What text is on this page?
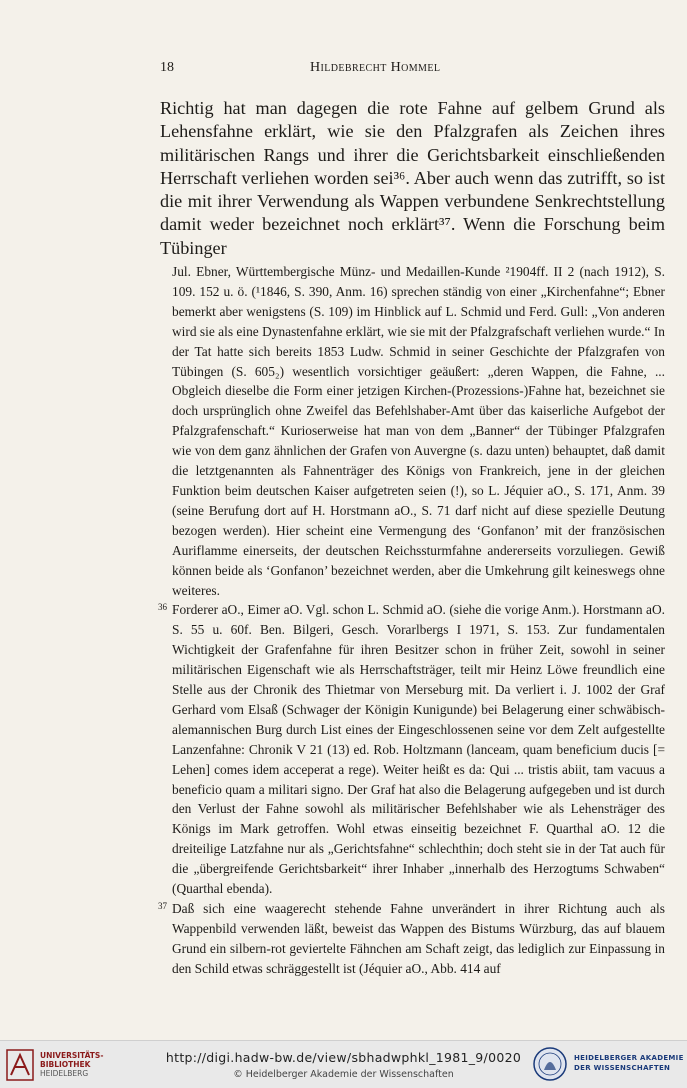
18	Hildebrecht Hommel
Richtig hat man dagegen die rote Fahne auf gelbem Grund als Lehensfahne erklärt, wie sie den Pfalzgrafen als Zeichen ihres militärischen Rangs und ihrer die Gerichtsbarkeit einschließenden Herrschaft verliehen worden sei³⁶. Aber auch wenn das zutrifft, so ist die mit ihrer Verwendung als Wappen verbundene Senkrechtstellung damit weder bezeichnet noch erklärt³⁷. Wenn die Forschung beim Tübinger

Jul. Ebner, Württembergische Münz- und Medaillen-Kunde ²1904ff. II 2 (nach 1912), S. 109. 152 u. ö. (¹1846, S. 390, Anm. 16) sprechen ständig von einer „Kirchenfahne“; Ebner bemerkt aber wenigstens (S. 109) im Hinblick auf L. Schmid und Ferd. Gull: „Von anderen wird sie als eine Dynastenfahne erklärt, wie sie mit der Pfalzgrafschaft verliehen wurde.“ In der Tat hatte sich bereits 1853 Ludw. Schmid in seiner Geschichte der Pfalzgrafen von Tübingen (S. 605₂) wesentlich vorsichtiger geäußert: „deren Wappen, die Fahne, ... Obgleich dieselbe die Form einer jetzigen Kirchen-(Prozessions-)Fahne hat, bezeichnet sie doch ursprünglich ohne Zweifel das Befehlshaber-Amt über das kaiserliche Aufgebot der Pfalzgrafenschaft.“ Kurioserweise hat man von dem „Banner“ der Tübinger Pfalzgrafen wie von dem ganz ähnlichen der Grafen von Auvergne (s. dazu unten) behauptet, daß damit die letztgenannten als Fahnenträger des Königs von Frankreich, jene in der gleichen Funktion beim deutschen Kaiser aufgetreten seien (!), so L. Jéquier aO., S. 171, Anm. 39 (seine Berufung dort auf H. Horstmann aO., S. 71 darf nicht auf diese spezielle Deutung bezogen werden). Hier scheint eine Vermengung des ‘Gonfanon’ mit der französischen Auriflamme einerseits, der deutschen Reichssturmfahne andererseits vorzuliegen. Gewiß können beide als ‘Gonfanon’ bezeichnet werden, aber die Umkehrung gilt keineswegs ohne weiteres.

36 Forderer aO., Eimer aO. Vgl. schon L. Schmid aO. (siehe die vorige Anm.). Horstmann aO. S. 55 u. 60f. Ben. Bilgeri, Gesch. Vorarlbergs I 1971, S. 153. Zur fundamentalen Wichtigkeit der Grafenfahne für ihren Besitzer schon in früher Zeit, sowohl in seiner militärischen Eigenschaft wie als Herrschaftsträger, teilt mir Heinz Löwe freundlich eine Stelle aus der Chronik des Thietmar von Merseburg mit. Da verliert i. J. 1002 der Graf Gerhard vom Elsaß (Schwager der Königin Kunigunde) bei Belagerung einer schwäbisch-alemannischen Burg durch List eines der Eingeschlossenen seine vor dem Zelt aufgestellte Lanzenfahne: Chronik V 21 (13) ed. Rob. Holtzmann (lanceam, quam beneficium ducis [= Lehen] comes idem acceperat a rege). Weiter heißt es da: Qui ... tristis abiit, tam vacuus a beneficio quam a militari signo. Der Graf hat also die Belagerung aufgegeben und ist durch den Verlust der Fahne sowohl als militärischer Befehlshaber wie als Lehensträger des Königs im Mark getroffen. Wohl etwas einseitig bezeichnet F. Quarthal aO. 12 die dreiteilige Latzfahne nur als „Gerichtsfahne“ schlechthin; doch steht sie in der Tat auch für die „übergreifende Gerichtsbarkeit“ ihrer Inhaber „innerhalb des Herzogtums Schwaben“ (Quarthal ebenda).
37 Daß sich eine waagerecht stehende Fahne unverändert in ihrer Richtung auch als Wappenbild verwenden läßt, beweist das Wappen des Bistums Würzburg, das auf blauem Grund ein silbern-rot geviertelte Fähnchen am Schaft zeigt, das lediglich zur Einpassung in den Schild etwas schräggestellt ist (Jéquier aO., Abb. 414 auf
UNIVERSITÄTS-
BIBLIOTHEK
HEIDELBERG
http://digi.hadw-bw.de/view/sbhadwphkl_1981_9/0020
© Heidelberger Akademie der Wissenschaften
HEIDELBERGER AKADEMIE
DER WISSENSCHAFTEN
